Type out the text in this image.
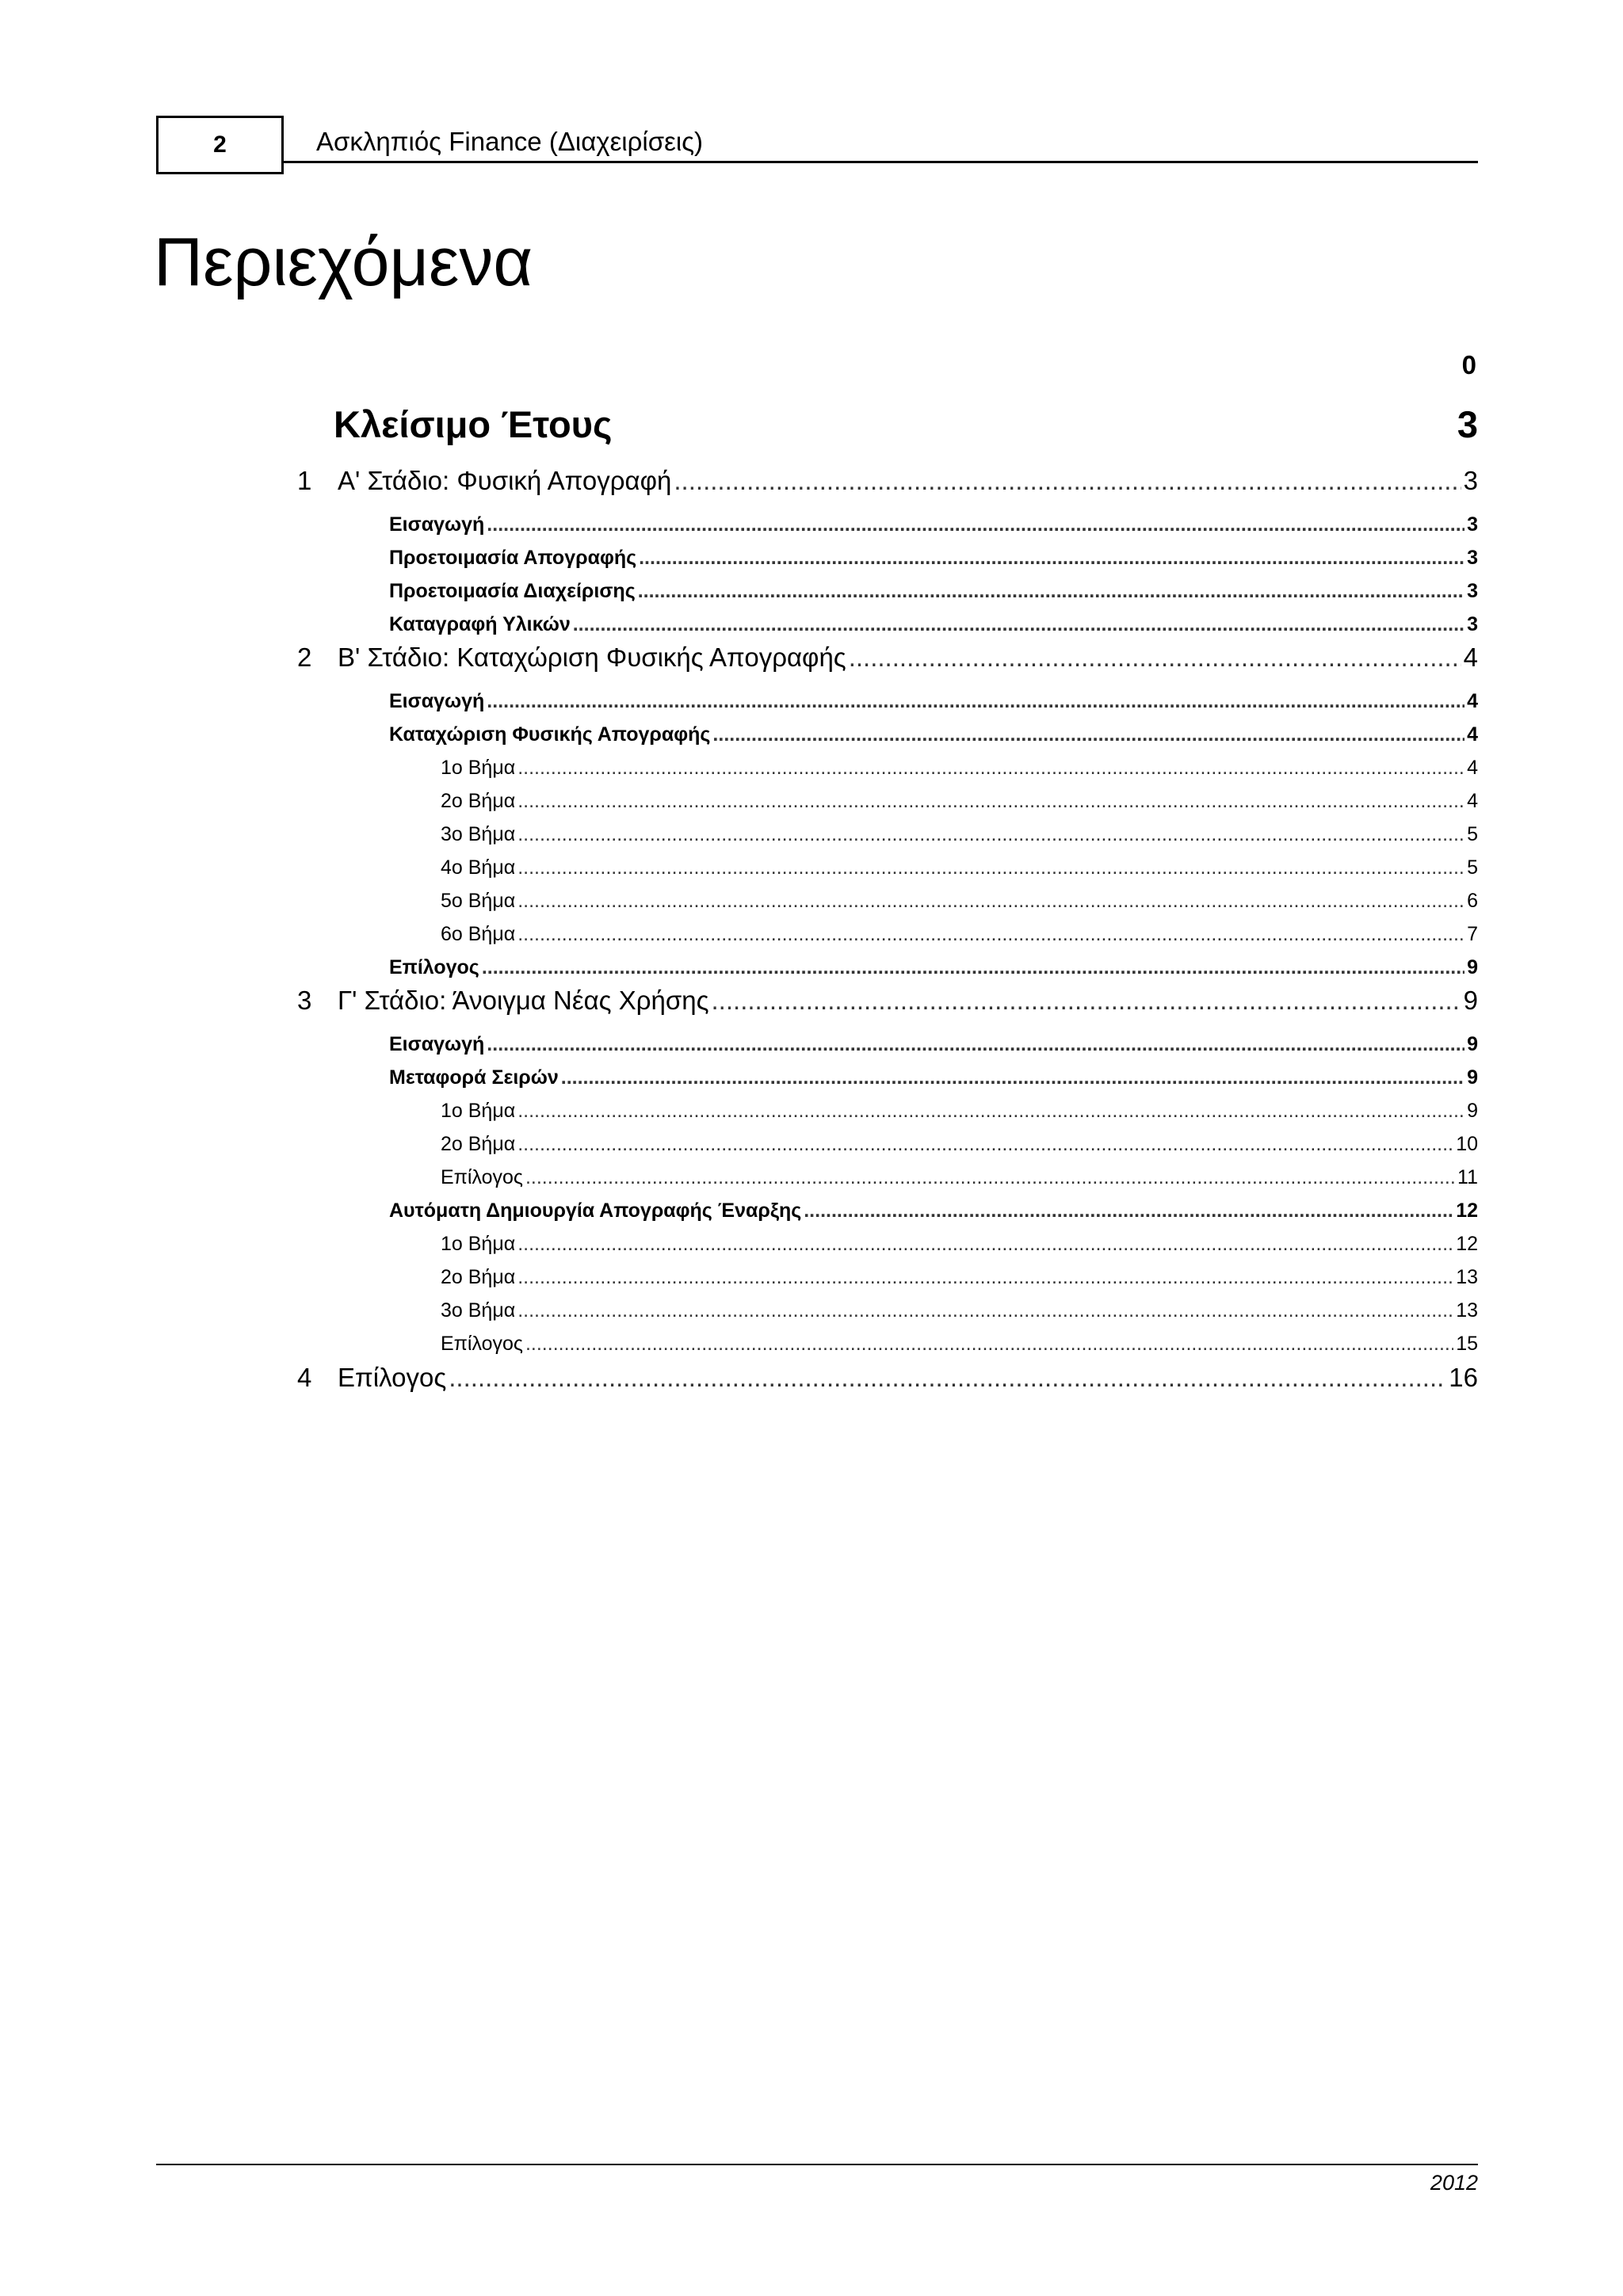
2	Ασκληπιός Finance (Διαχειρίσεις)
Περιεχόμενα
0
Κλείσιμο Έτους	3
1 Α' Στάδιο: Φυσική Απογραφή .....	3
Εισαγωγή .....	3
Προετοιμασία Απογραφής .....	3
Προετοιμασία Διαχείρισης .....	3
Καταγραφή Υλικών .....	3
2 Β' Στάδιο: Καταχώριση Φυσικής Απογραφής .....	4
Εισαγωγή .....	4
Καταχώριση Φυσικής Απογραφής .....	4
1ο Βήμα .....	4
2ο Βήμα .....	4
3ο Βήμα .....	5
4ο Βήμα .....	5
5ο Βήμα .....	6
6ο Βήμα .....	7
Επίλογος .....	9
3 Γ' Στάδιο: Άνοιγμα Νέας Χρήσης .....	9
Εισαγωγή .....	9
Μεταφορά Σειρών .....	9
1ο Βήμα .....	9
2ο Βήμα .....	10
Επίλογος .....	11
Αυτόματη Δημιουργία Απογραφής Έναρξης .....	12
1ο Βήμα .....	12
2ο Βήμα .....	13
3ο Βήμα .....	13
Επίλογος .....	15
4 Επίλογος .....	16
2012
